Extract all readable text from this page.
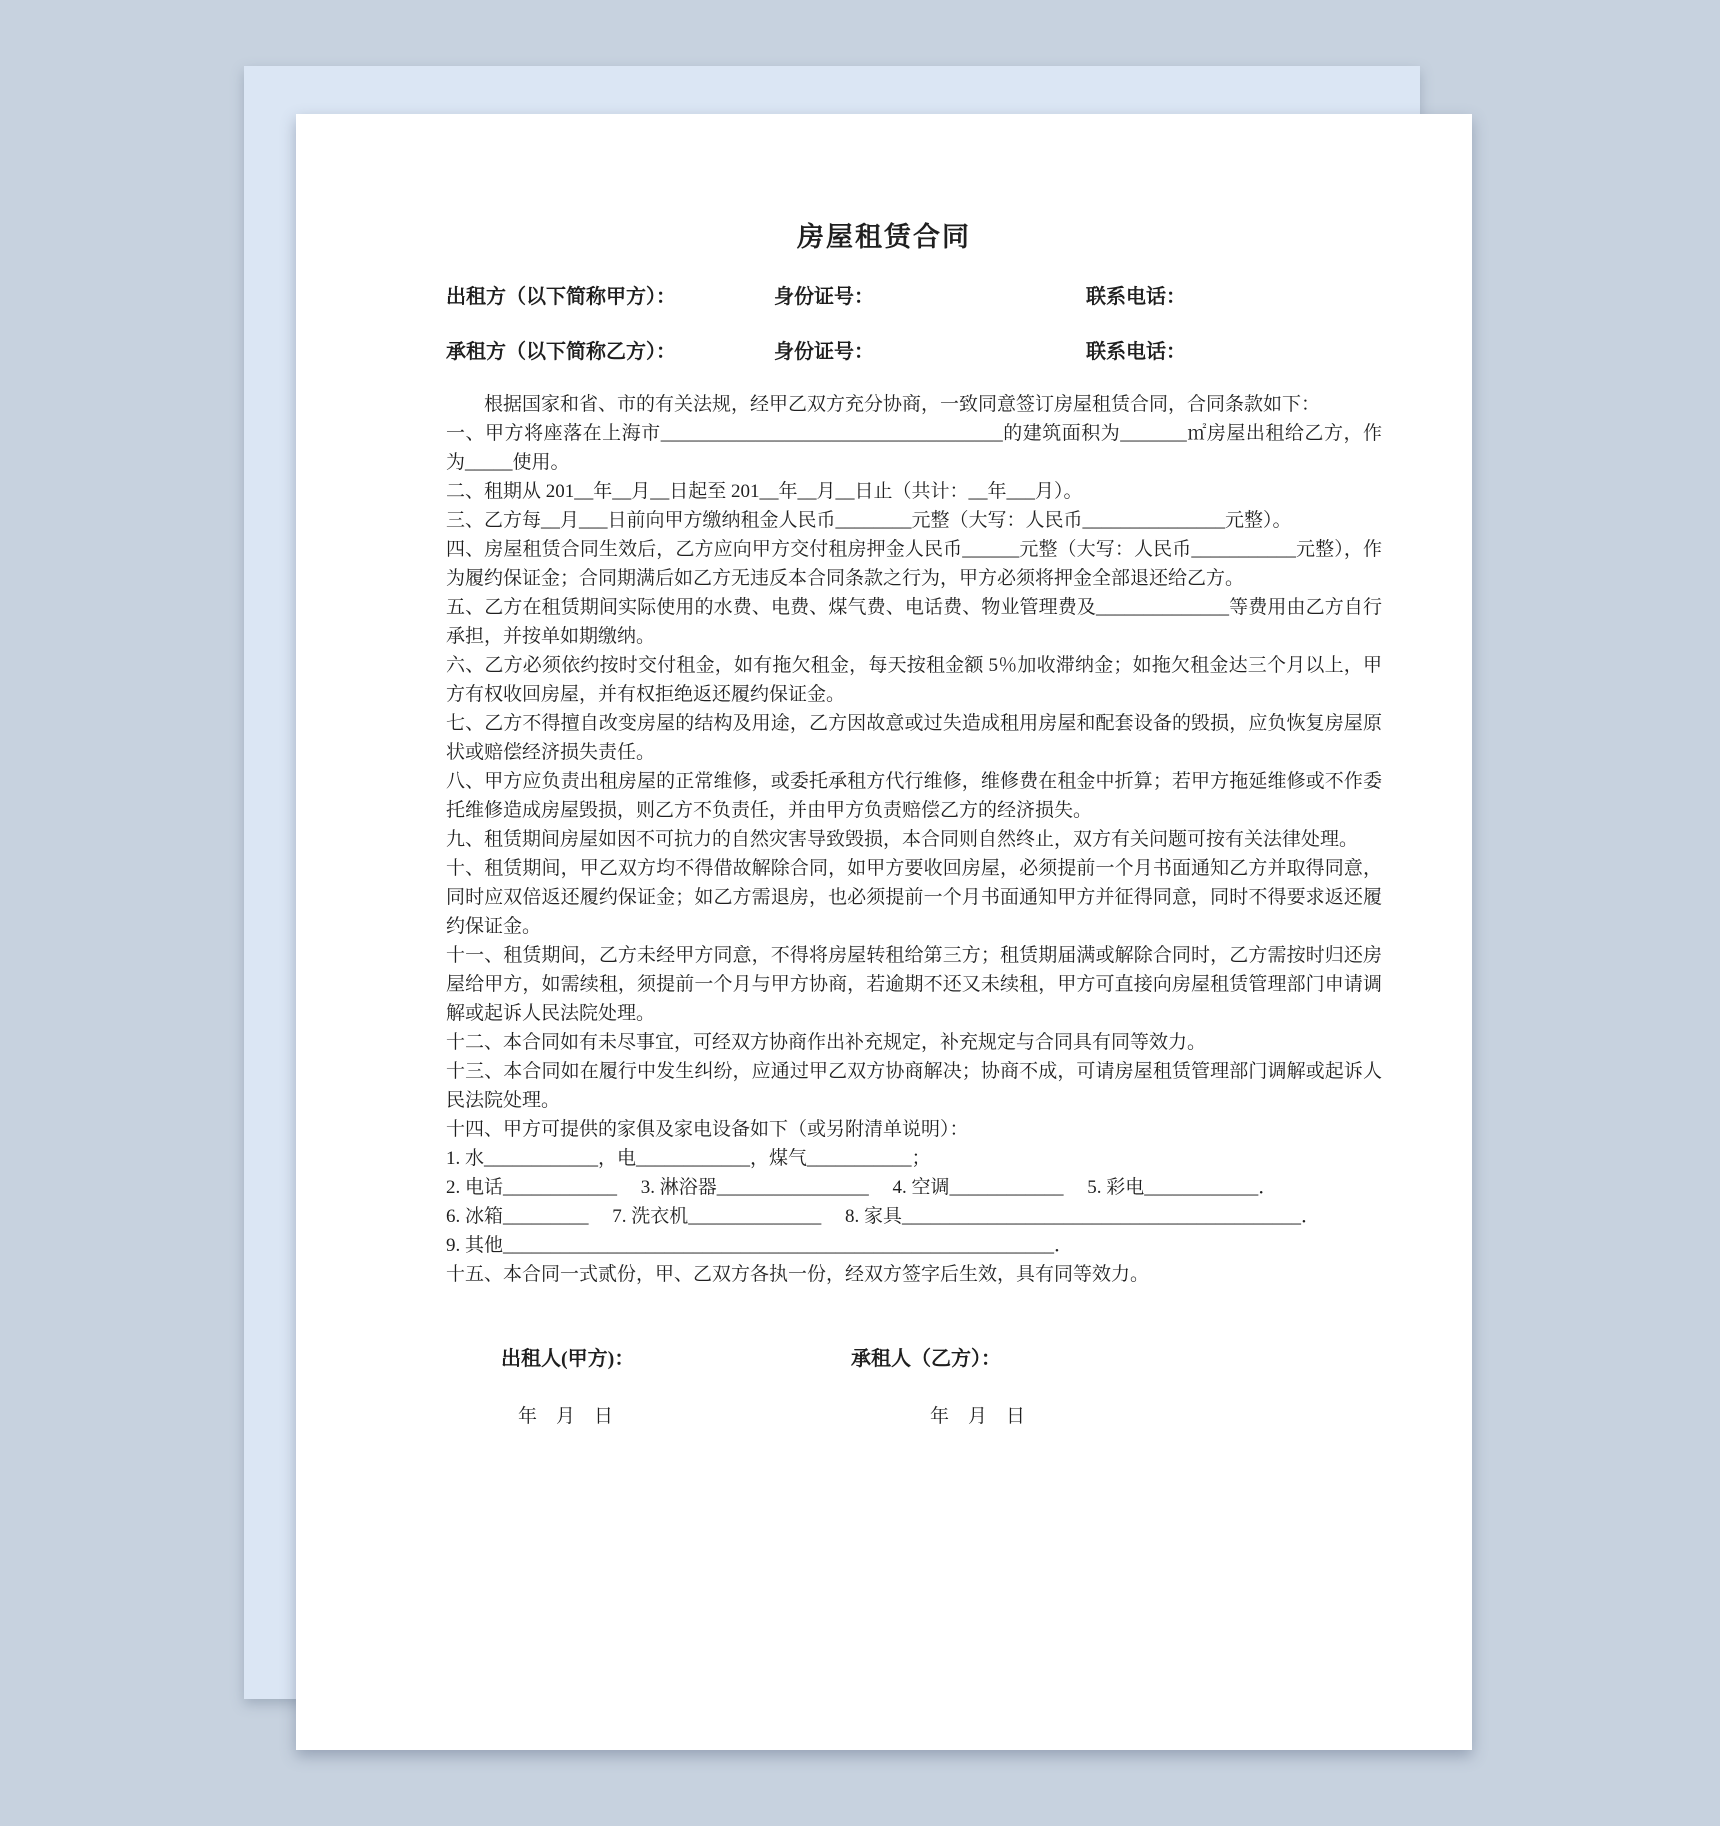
房屋租赁合同
出租方（以下简称甲方）：	身份证号：	联系电话：
承租方（以下简称乙方）：	身份证号：	联系电话：

根据国家和省、市的有关法规，经甲乙双方充分协商，一致同意签订房屋租赁合同，合同条款如下：

一、甲方将座落在上海市____________________________________的建筑面积为_______㎡房屋出租给乙方，作为_____使用。

二、租期从 201__年__月__日起至 201__年__月__日止（共计：__年___月）。

三、乙方每__月___日前向甲方缴纳租金人民币________元整（大写：人民币_______________元整）。

四、房屋租赁合同生效后，乙方应向甲方交付租房押金人民币______元整（大写：人民币___________元整），作为履约保证金；合同期满后如乙方无违反本合同条款之行为，甲方必须将押金全部退还给乙方。

五、乙方在租赁期间实际使用的水费、电费、煤气费、电话费、物业管理费及______________等费用由乙方自行承担，并按单如期缴纳。

六、乙方必须依约按时交付租金，如有拖欠租金，每天按租金额 5％加收滞纳金；如拖欠租金达三个月以上，甲方有权收回房屋，并有权拒绝返还履约保证金。

七、乙方不得擅自改变房屋的结构及用途，乙方因故意或过失造成租用房屋和配套设备的毁损，应负恢复房屋原状或赔偿经济损失责任。

八、甲方应负责出租房屋的正常维修，或委托承租方代行维修，维修费在租金中折算；若甲方拖延维修或不作委托维修造成房屋毁损，则乙方不负责任，并由甲方负责赔偿乙方的经济损失。

九、租赁期间房屋如因不可抗力的自然灾害导致毁损，本合同则自然终止，双方有关问题可按有关法律处理。

十、租赁期间，甲乙双方均不得借故解除合同，如甲方要收回房屋，必须提前一个月书面通知乙方并取得同意，同时应双倍返还履约保证金；如乙方需退房，也必须提前一个月书面通知甲方并征得同意，同时不得要求返还履约保证金。

十一、租赁期间，乙方未经甲方同意，不得将房屋转租给第三方；租赁期届满或解除合同时，乙方需按时归还房屋给甲方，如需续租，须提前一个月与甲方协商，若逾期不还又未续租，甲方可直接向房屋租赁管理部门申请调解或起诉人民法院处理。

十二、本合同如有未尽事宜，可经双方协商作出补充规定，补充规定与合同具有同等效力。

十三、本合同如在履行中发生纠纷，应通过甲乙双方协商解决；协商不成，可请房屋租赁管理部门调解或起诉人民法院处理。

十四、甲方可提供的家俱及家电设备如下（或另附清单说明）：

1. 水____________，电____________，煤气___________；

2. 电话____________　 3. 淋浴器________________　 4. 空调____________　 5. 彩电____________．

6. 冰箱_________　 7. 洗衣机______________　 8. 家具__________________________________________．

9. 其他__________________________________________________________．

十五、本合同一式贰份，甲、乙双方各执一份，经双方签字后生效，具有同等效力。

出租人(甲方)：	承租人（乙方）：
年　月　日	年　月　日
